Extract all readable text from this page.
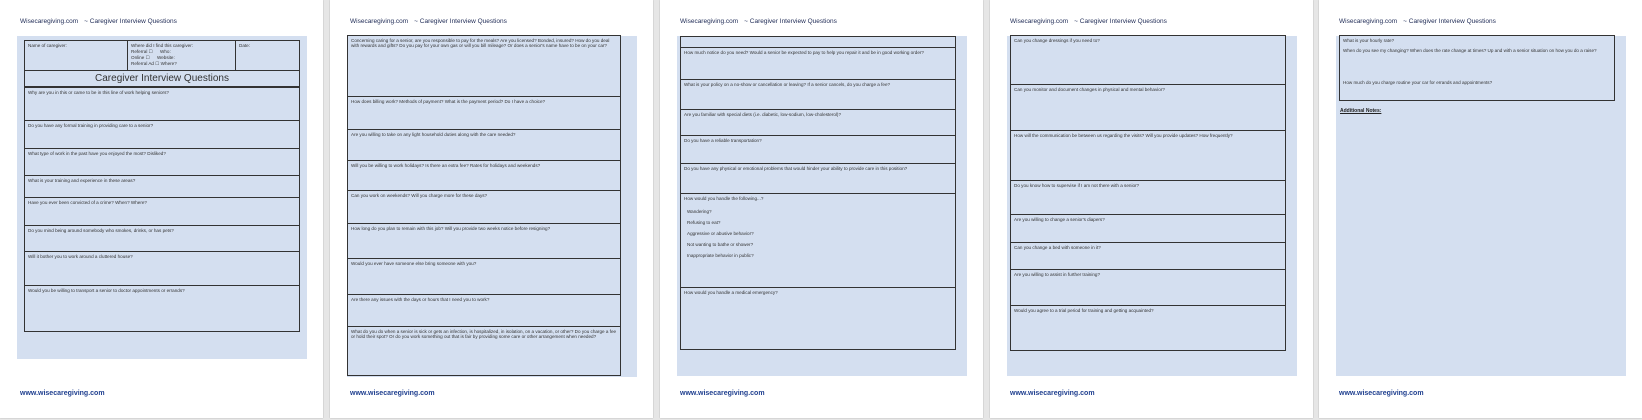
Wisecaregiving.com ~ Caregiver Interview Questions
Name of caregiver:	Where did I find this caregiver:
Referral ☐ Who:
Online ☐ Website:
Referral Ad ☐ Where?
Date:
Caregiver Interview Questions
Why are you in this or came to be in this line of work helping seniors?
Do you have any formal training in providing care to a senior?
What type of work in the past have you enjoyed the most? Disliked?
What is your training and experience in these areas?
Have you ever been convicted of a crime? When? Where?
Do you mind being around somebody who smokes, drinks, or has pets?
Will it bother you to work around a cluttered house?
Would you be willing to transport a senior to doctor appointments or errands?
www.wisecaregiving.com
Wisecaregiving.com ~ Caregiver Interview Questions
Concerning caring for a senior, are you responsible to pay for the meals? Are you licensed? Bonded, insured? How do you deal with rewards and gifts? Do you pay for your own gas or will you bill mileage? Or does a senior's name have to be on your car?
How does billing work? Methods of payment? What is the payment period? Do I have a choice?
Are you willing to take on any light household duties along with the care needed?
Will you be willing to work holidays? Is there an extra fee? Rates for holidays and weekends?
Can you work on weekends? Will you charge more for these days?
How long do you plan to remain with this job? Will you provide two weeks notice before resigning?
Would you ever have someone else bring someone with you?
Are there any issues with the days or hours that I need you to work?
What do you do when a senior is sick or gets an infection, is hospitalized, in isolation, on a vacation, or other? Do you charge a fee or hold their spot? Or do you work something out that is fair by providing some care or other arrangement when needed?
www.wisecaregiving.com
Wisecaregiving.com ~ Caregiver Interview Questions
How much notice do you need? Would a senior be expected to pay to help you repair it and be in good working order?
What is your policy on a no-show or cancellation or leaving? If a senior cancels, do you charge a fee?
Are you familiar with special diets (i.e. diabetic, low-sodium, low-cholesterol)?
Do you have a reliable transportation?
Do you have any physical or emotional problems that would hinder your ability to provide care in this position?
How would you handle the following...?
Wandering?
Refusing to eat?
Aggressive or abusive behavior?
Not wanting to bathe or shower?
Inappropriate behavior in public?
How would you handle a medical emergency?
www.wisecaregiving.com
Wisecaregiving.com ~ Caregiver Interview Questions
Can you change dressings if you need to?
Can you monitor and document changes in physical and mental behavior?
How will the communication be between us regarding the visits? Will you provide updates? How frequently?
Do you know how to supervise if I am not there with a senior?
Are you willing to change a senior's diapers?
Can you change a bed with someone in it?
Are you willing to assist in further training?
Would you agree to a trial period for training and getting acquainted?
www.wisecaregiving.com
Wisecaregiving.com ~ Caregiver Interview Questions
What is your hourly rate?
When do you see my changing? When does the rate change at times? Up and with a senior situation on how you do a raise?
How much do you charge routine your car for errands and appointments?
Additional Notes:
www.wisecaregiving.com
